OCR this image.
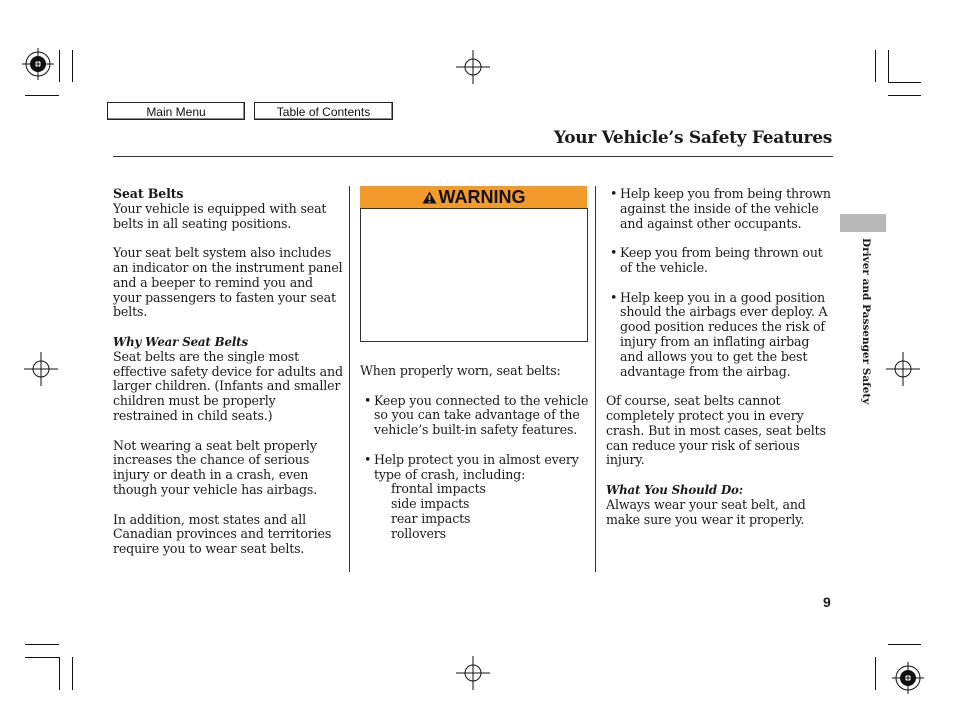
Main Menu	Table of Contents
Your Vehicle’s Safety Features
Seat Belts

Your vehicle is equipped with seat belts in all seating positions.

Your seat belt system also includes an indicator on the instrument panel and a beeper to remind you and your passengers to fasten your seat belts.

Why Wear Seat Belts

Seat belts are the single most effective safety device for adults and larger children. (Infants and smaller children must be properly restrained in child seats.)

Not wearing a seat belt properly increases the chance of serious injury or death in a crash, even though your vehicle has airbags.

In addition, most states and all Canadian provinces and territories require you to wear seat belts.

WARNING

When properly worn, seat belts:

• Keep you connected to the vehicle so you can take advantage of the vehicle’s built-in safety features.
• Help protect you in almost every type of crash, including:
frontal impacts
side impacts
rear impacts
rollovers
• Help keep you from being thrown against the inside of the vehicle and against other occupants.
• Keep you from being thrown out of the vehicle.
• Help keep you in a good position should the airbags ever deploy. A good position reduces the risk of injury from an inflating airbag and allows you to get the best advantage from the airbag.

Of course, seat belts cannot completely protect you in every crash. But in most cases, seat belts can reduce your risk of serious injury.

What You Should Do:

Always wear your seat belt, and make sure you wear it properly.

Driver and Passenger Safety
9
